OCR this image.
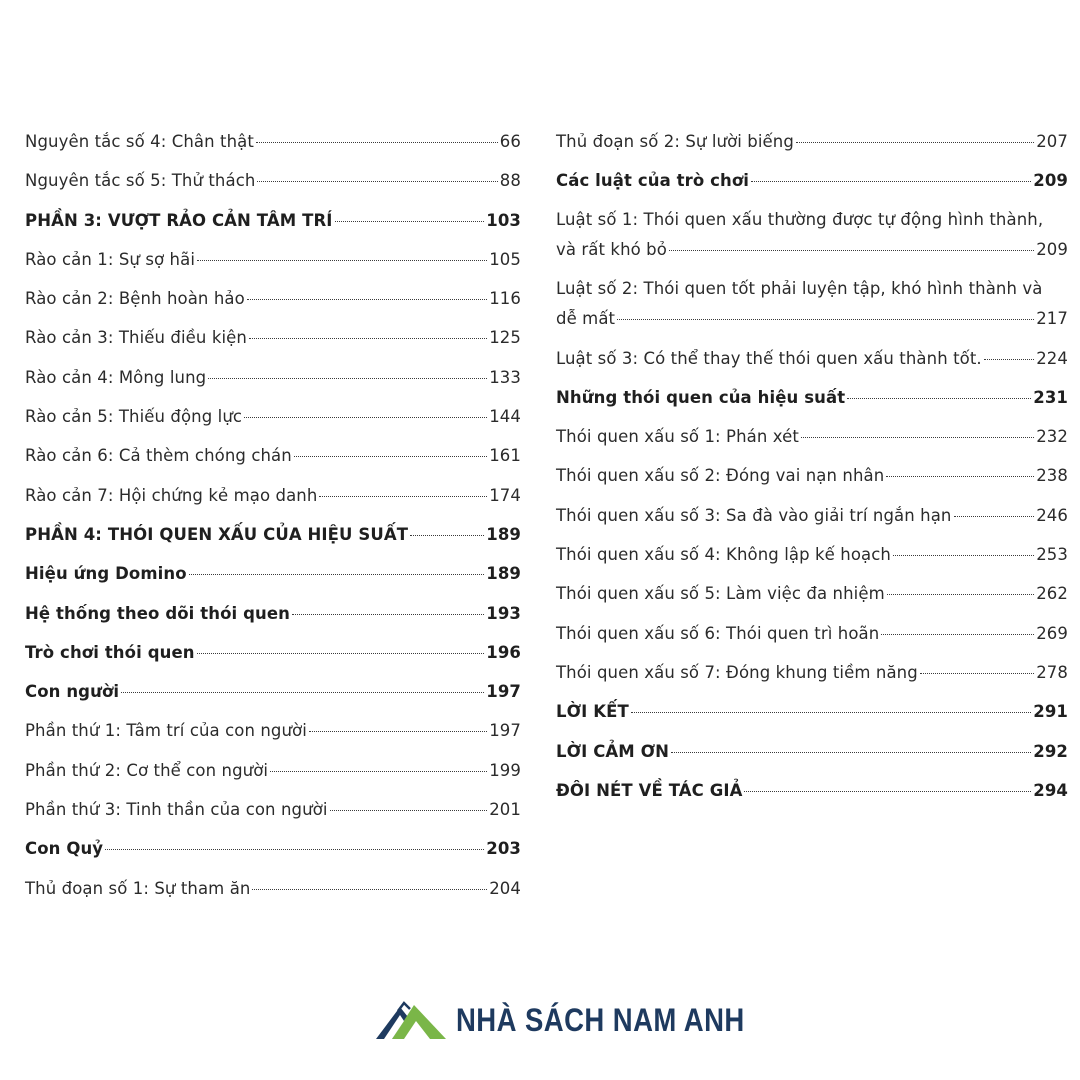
Nguyên tắc số 4: Chân thật	66
Nguyên tắc số 5: Thử thách	88
PHẦN 3: VƯỢT RẢO CẢN TÂM TRÍ	103
Rào cản 1: Sự sợ hãi	105
Rào cản 2: Bệnh hoàn hảo	116
Rào cản 3: Thiếu điều kiện	125
Rào cản 4: Mông lung	133
Rào cản 5: Thiếu động lực	144
Rào cản 6: Cả thèm chóng chán	161
Rào cản 7: Hội chứng kẻ mạo danh	174
PHẦN 4: THÓI QUEN XẤU CỦA HIỆU SUẤT	189
Hiệu ứng Domino	189
Hệ thống theo dõi thói quen	193
Trò chơi thói quen	196
Con người	197
Phần thứ 1: Tâm trí của con người	197
Phần thứ 2: Cơ thể con người	199
Phần thứ 3: Tinh thần của con người	201
Con Quỷ	203
Thủ đoạn số 1: Sự tham ăn	204
Thủ đoạn số 2: Sự lười biếng	207
Các luật của trò chơi	209
Luật số 1: Thói quen xấu thường được tự động hình thành,
và rất khó bỏ	209
Luật số 2: Thói quen tốt phải luyện tập, khó hình thành và
dễ mất	217
Luật số 3: Có thể thay thế thói quen xấu thành tốt.	224
Những thói quen của hiệu suất	231
Thói quen xấu số 1: Phán xét	232
Thói quen xấu số 2: Đóng vai nạn nhân	238
Thói quen xấu số 3: Sa đà vào giải trí ngắn hạn	246
Thói quen xấu số 4: Không lập kế hoạch	253
Thói quen xấu số 5: Làm việc đa nhiệm	262
Thói quen xấu số 6: Thói quen trì hoãn	269
Thói quen xấu số 7: Đóng khung tiềm năng	278
LỜI KẾT	291
LỜI CẢM ƠN	292
ĐÔI NÉT VỀ TÁC GIẢ	294
NHÀ SÁCH NAM ANH
